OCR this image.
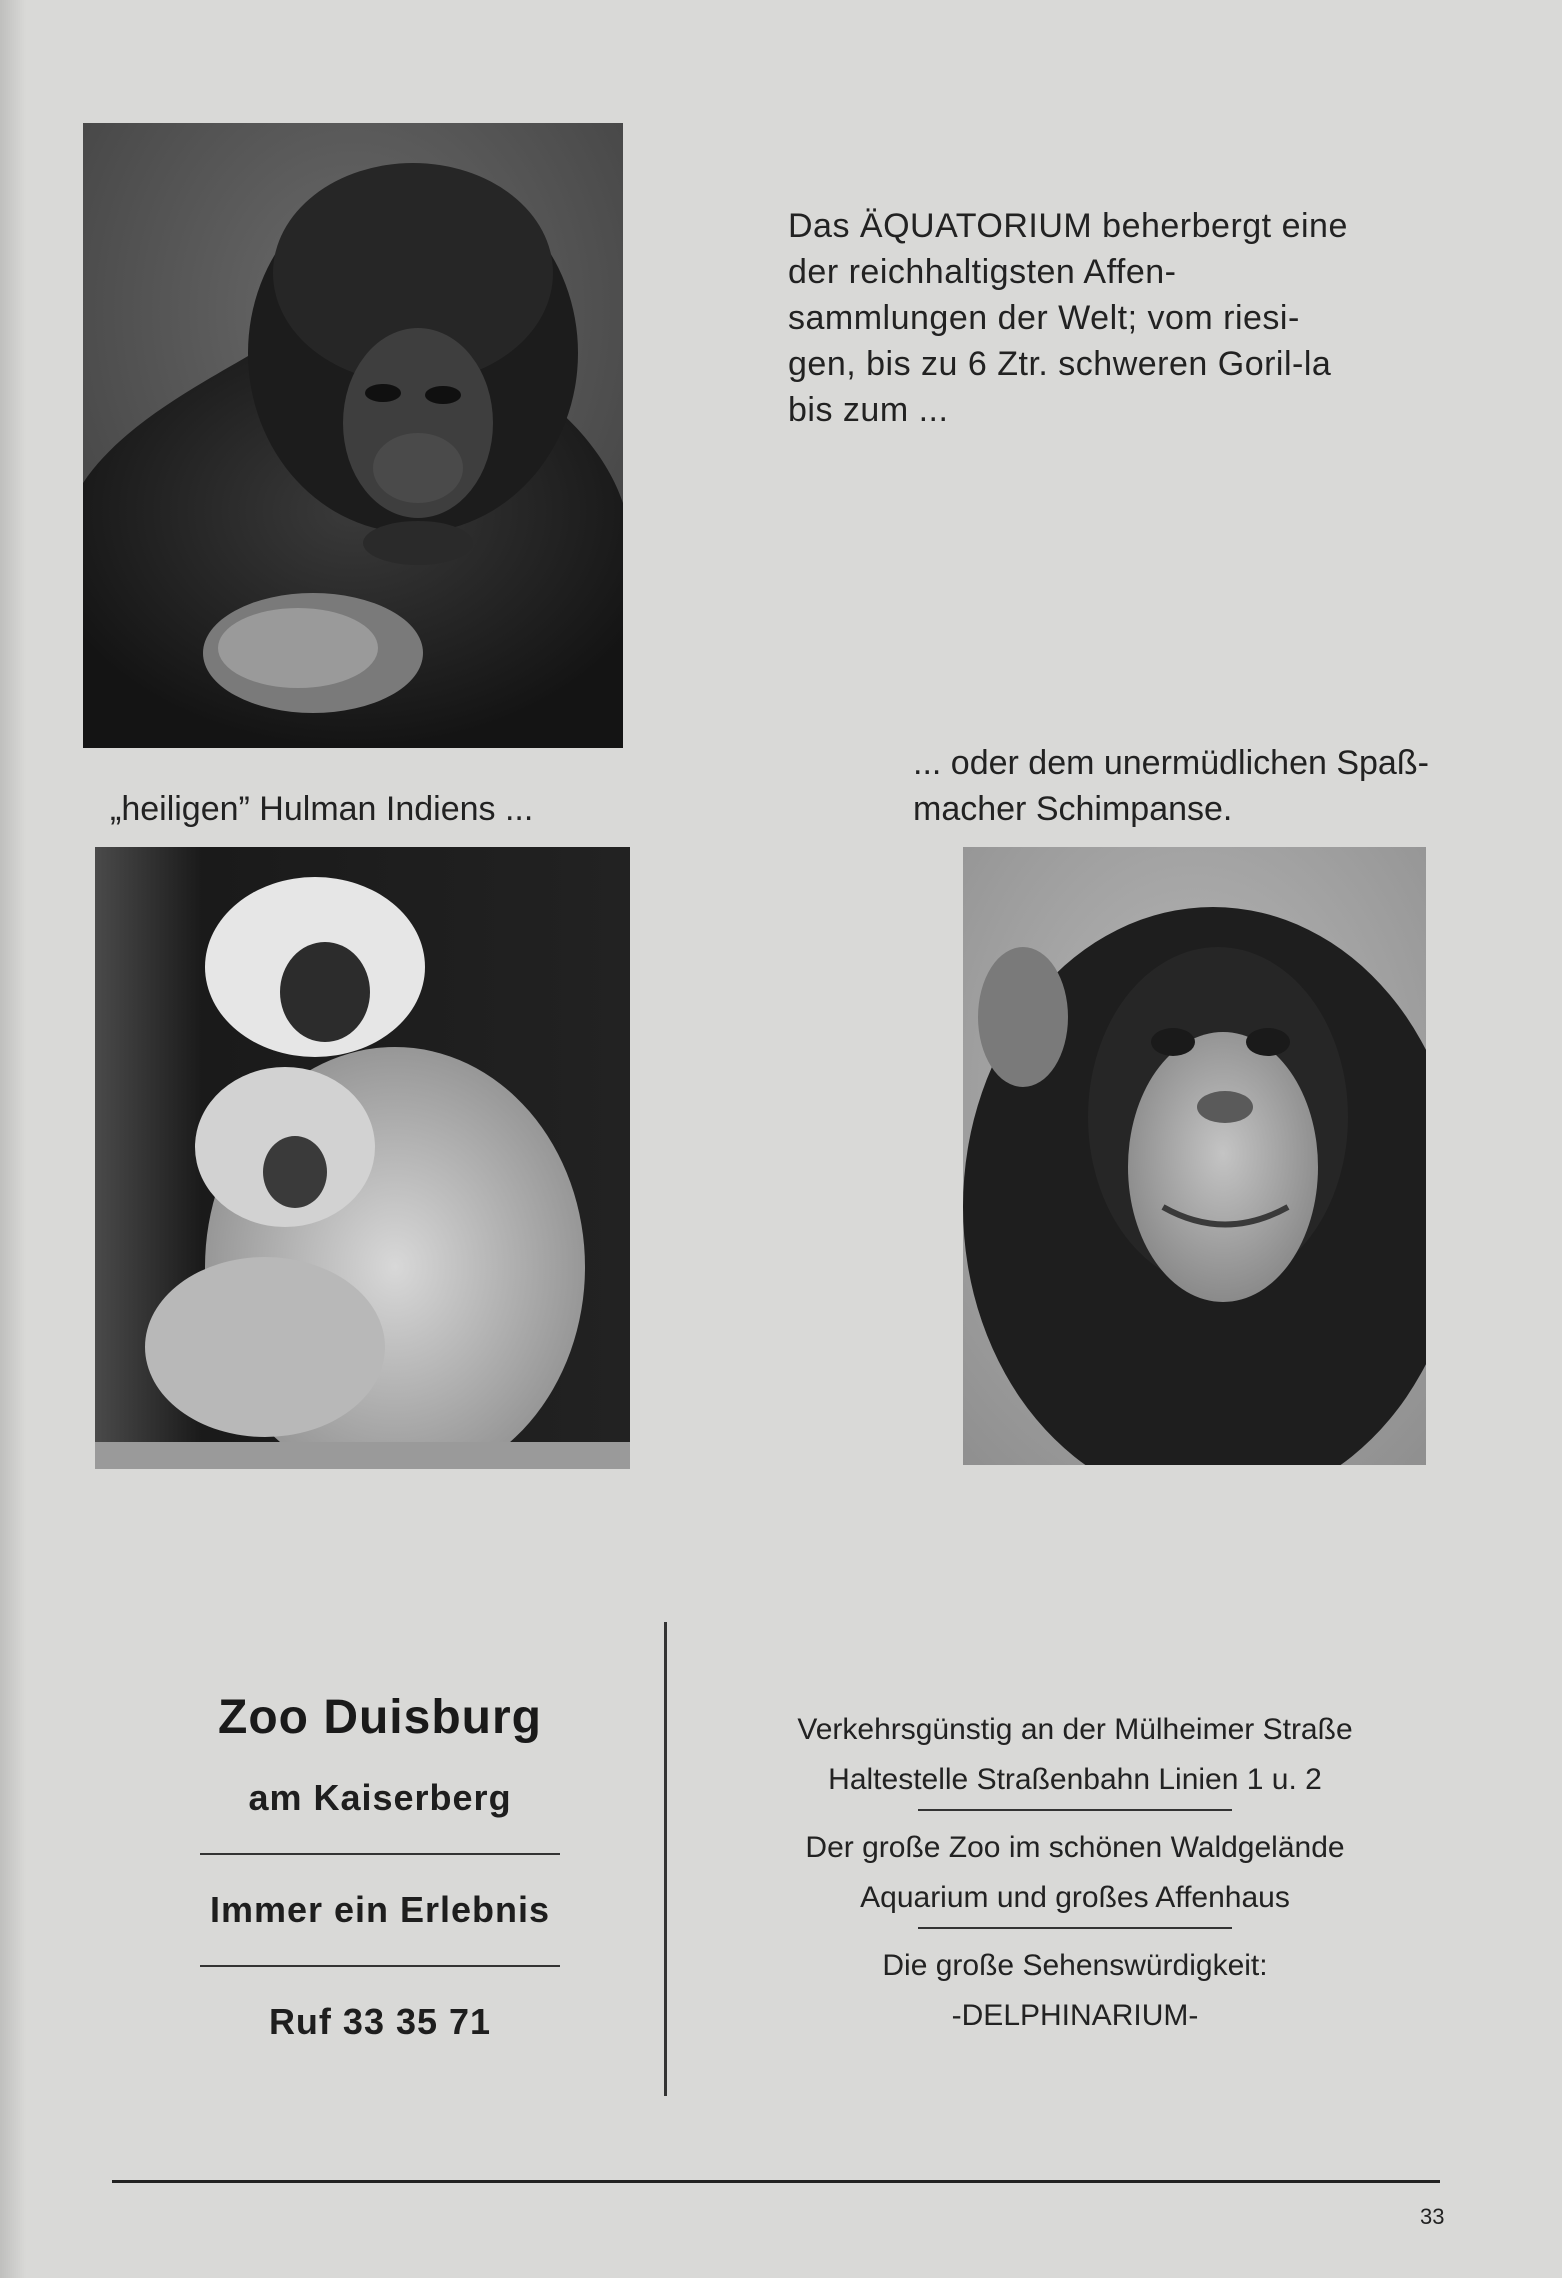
Das ÄQUATORIUM beherbergt eine der reichhaltigsten Affen-sammlungen der Welt; vom riesi-gen, bis zu 6 Ztr. schweren Goril-la bis zum ...

„heiligen” Hulman Indiens ...

... oder dem unermüdlichen Spaß-macher Schimpanse.

Zoo Duisburg

am Kaiserberg

Immer ein Erlebnis

Ruf 33 35 71

Verkehrsgünstig an der Mülheimer Straße

Haltestelle Straßenbahn Linien 1 u. 2

Der große Zoo im schönen Waldgelände

Aquarium und großes Affenhaus

Die große Sehenswürdigkeit:

-DELPHINARIUM-

33
